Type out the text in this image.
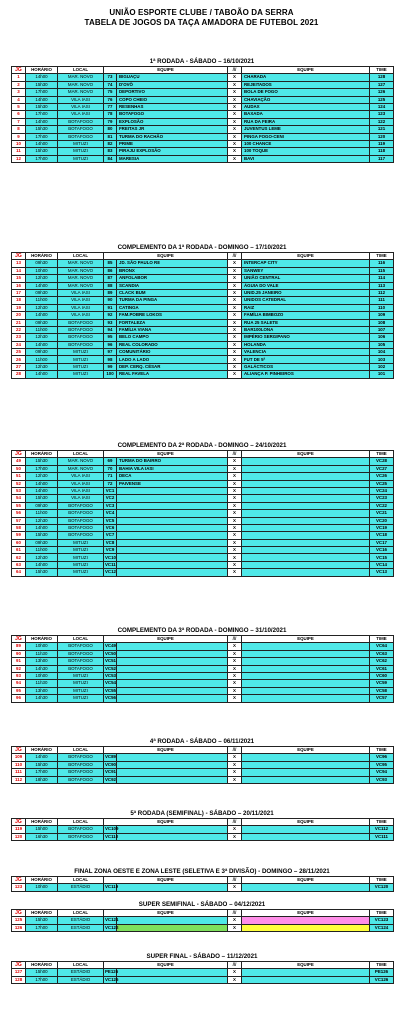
UNIÃO ESPORTE CLUBE / TABOÃO DA SERRA
TABELA DE JOGOS DA TAÇA AMADORA DE FUTEBOL 2021
1ª RODADA - SÁBADO – 16/10/2021
JG	HORÁRIO	LOCAL	EQUIPE		///	EQUIPE	TIME
1	14h00	MAR. NOVO	73	BIGUAÇU	X	CHARADA	128
2	15h30	MAR. NOVO	74	D'OVÔ	X	REJEITADOS	127
3	17h00	MAR. NOVO	75	DEPORTIVO	X	BOLA DE FOGO	126
4	14h00	VILA IASI	76	COPO CHEIO	X	CHAVIAÇÃO	125
5	15h30	VILA IASI	77	RESENHAS	X	AUDAX	124
6	17h00	VILA IASI	78	BOTAFOGO	X	BAXADA	123
7	14h00	BOTAFOGO	79	EXPLOSÃO	X	RUA DA FEIRA	122
8	15h30	BOTAFOGO	80	FREITAS JR	X	JUVENTUS LEME	121
9	17h00	BOTAFOGO	81	TURMA DO RACHÃO	X	PINGA FOGO-CENI	120
10	14h00	MITUZI	82	PRIME	X	100 CHANCE	119
11	15h30	MITUZI	83	PIRAJU EXPLOSÃO	X	100 TOQUE	118
12	17h00	MITUZI	84	MARESIA	X	BAVI	117
COMPLEMENTO DA 1ª RODADA - DOMINGO – 17/10/2021
JG	HORÁRIO	LOCAL	EQUIPE		///	EQUIPE	TIME
13	09h30	MAR. NOVO	85	JD. SÃO PAULO R8	X	INTERCAP CITY	116
14	10h00	MAR. NOVO	86	BRONX	X	SANWEY	115
15	12h30	MAR. NOVO	87	ANFOLABOR	X	UNIÃO CENTRAL	114
16	14h00	MAR. NOVO	88	SCANDIA	X	ÁGUIA DO VALE	113
17	09h30	VILA IASI	89	CLACK BUM	X	UNID.25 JANEIRO	112
18	11h00	VILA IASI	90	TURMA DA PINGA	X	UNIDOS CATEDRAL	111
19	12h30	VILA IASI	91	CATINGA	X	RAIZ	110
20	14h00	VILA IASI	92	FAM.POBRE LOKOS	X	FAMÍLIA BIMBOZO	109
21	09h30	BOTAFOGO	93	FORTALEZA	X	RUA 25 SALETE	108
22	11h00	BOTAFOGO	94	FAMÍLIA VIANA	X	BAR100LONA	107
23	12h30	BOTAFOGO	95	BELO CAMPO	X	IMPÉRIO SERGIPANO	106
24	14h00	BOTAFOGO	96	REAL COLORADO	X	HOLANDA	105
25	09h30	MITUZI	97	COMUNITÁRIO	X	VALENCIA	104
26	11h00	MITUZI	98	LADO A LADO	X	FUT DE 5ª	103
27	12h30	MITUZI	99	DEP. CERQ. CÉSAR	X	GALÁCTICOS	102
28	14h00	MITUZI	100	REAL FAVELA	X	ALIANÇA P. PINHEIROS	101
COMPLEMENTO DA 2ª RODADA - DOMINGO – 24/10/2021
JG	HORÁRIO	LOCAL	EQUIPE		///	EQUIPE	TIME
49	15h30	MAR. NOVO	69	TURMA DO BAIRRO	X		VC28
50	17h00	MAR. NOVO	70	BAHIA VILA IASI	X		VC27
51	12h30	VILA IASI	71	DECA	X		VC26
52	14h00	VILA IASI	72	PAIVENSE	X		VC25
53	14h00	VILA IASI	VC1		X		VC24
54	15h30	VILA IASI	VC2		X		VC23
55	09h30	BOTAFOGO	VC3		X		VC22
56	11h00	BOTAFOGO	VC4		X		VC21
57	12h30	BOTAFOGO	VC5		X		VC20
58	14h00	BOTAFOGO	VC6		X		VC19
59	15h30	BOTAFOGO	VC7		X		VC18
60	09h30	MITUZI	VC8		X		VC17
61	11h00	MITUZI	VC9		X		VC16
62	12h30	MITUZI	VC10		X		VC15
63	14h00	MITUZI	VC11		X		VC14
64	15h30	MITUZI	VC12		X		VC13
COMPLEMENTO DA 3ª RODADA - DOMINGO – 31/10/2021
JG	HORÁRIO	LOCAL	EQUIPE		///	EQUIPE	TIME
89	10h00	BOTAFOGO	VC49		X		VC64
90	11h30	BOTAFOGO	VC50		X		VC63
91	13h00	BOTAFOGO	VC51		X		VC62
92	14h30	BOTAFOGO	VC52		X		VC61
93	10h00	MITUZI	VC53		X		VC60
94	11h30	MITUZI	VC54		X		VC59
95	13h00	MITUZI	VC55		X		VC58
96	14h30	MITUZI	VC56		X		VC57
4ª RODADA - SÁBADO – 06/11/2021
JG	HORÁRIO	LOCAL	EQUIPE		///	EQUIPE	TIME
109	14h00	BOTAFOGO	VC89		X		VC96
110	15h30	BOTAFOGO	VC90		X		VC95
111	17h00	BOTAFOGO	VC91		X		VC94
112	18h30	BOTAFOGO	VC92		X		VC93
5ª RODADA (SEMIFINAL) - SÁBADO – 20/11/2021
JG	HORÁRIO	LOCAL	EQUIPE		///	EQUIPE	TIME
119	15h00	BOTAFOGO	VC109		X		VC112
120	16h30	BOTAFOGO	VC110		X		VC111
FINAL ZONA OESTE E ZONA LESTE (SELETIVA E 3ª DIVISÃO) - DOMINGO – 28/11/2021
JG	HORÁRIO	LOCAL	EQUIPE		///	EQUIPE	TIME
123	10h00	ESTÁDIO	VC119		X		VC120
SUPER SEMIFINAL - SÁBADO – 04/12/2021
JG	HORÁRIO	LOCAL	EQUIPE		///	EQUIPE	TIME
125	15h30	ESTÁDIO	VC121		X		VC123
126	17h00	ESTÁDIO	VC122		X		VC124
SUPER FINAL - SÁBADO – 11/12/2021
JG	HORÁRIO	LOCAL	EQUIPE		///	EQUIPE	TIME
127	15h00	ESTÁDIO	PE126		X		PE126
128	17h00	ESTÁDIO	VC126		X		VC126
